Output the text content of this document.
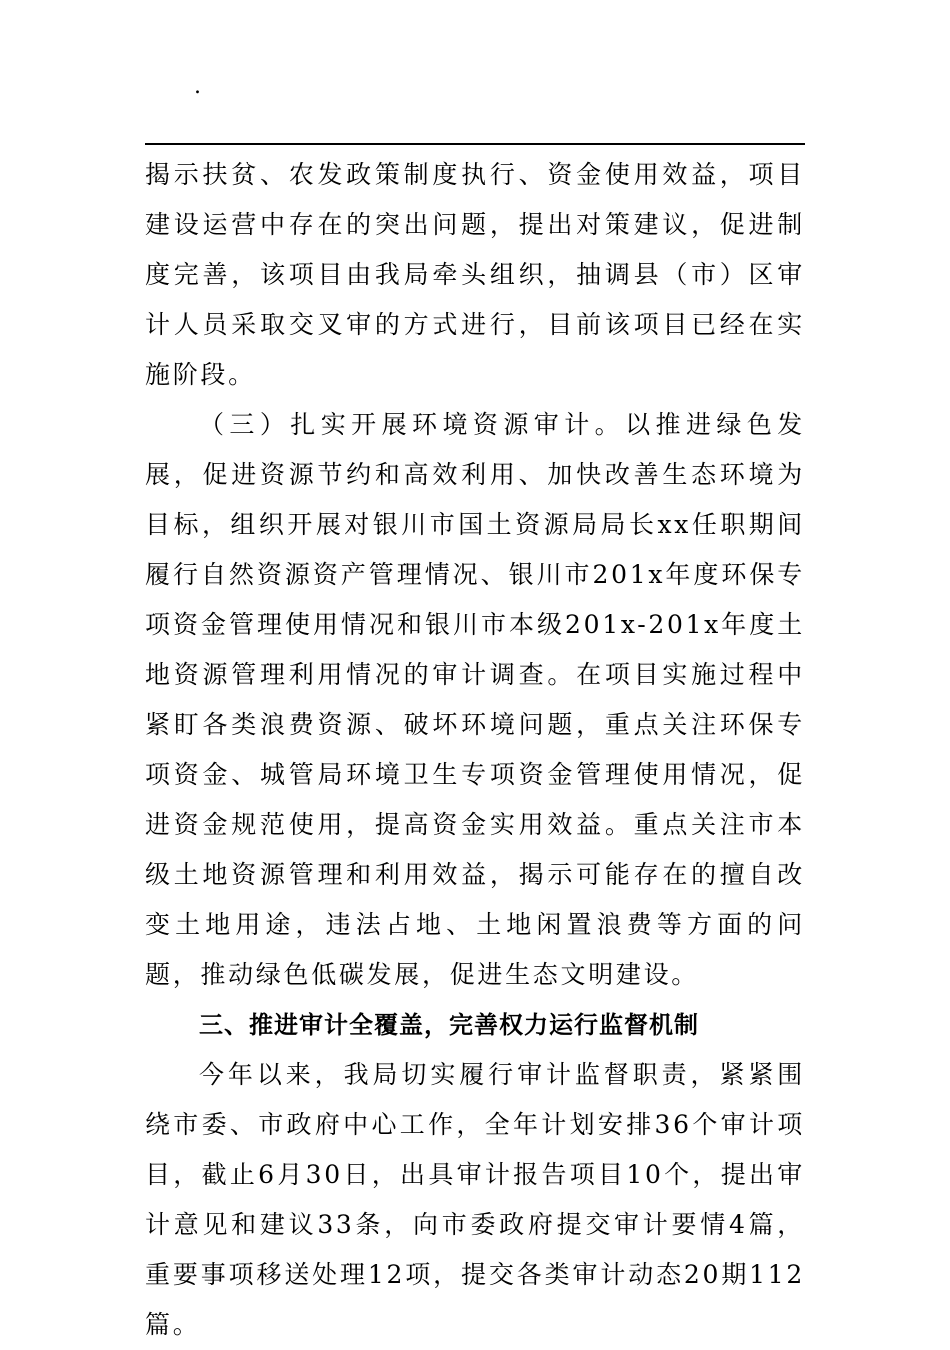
.

揭示扶贫、农发政策制度执行、资金使用效益，项目建设运营中存在的突出问题，提出对策建议，促进制度完善，该项目由我局牵头组织，抽调县（市）区审计人员采取交叉审的方式进行，目前该项目已经在实施阶段。

（三）扎实开展环境资源审计。以推进绿色发展，促进资源节约和高效利用、加快改善生态环境为目标，组织开展对银川市国土资源局局长xx任职期间履行自然资源资产管理情况、银川市201x年度环保专项资金管理使用情况和银川市本级201x-201x年度土地资源管理利用情况的审计调查。在项目实施过程中紧盯各类浪费资源、破坏环境问题，重点关注环保专项资金、城管局环境卫生专项资金管理使用情况，促进资金规范使用，提高资金实用效益。重点关注市本级土地资源管理和利用效益，揭示可能存在的擅自改变土地用途，违法占地、土地闲置浪费等方面的问题，推动绿色低碳发展，促进生态文明建设。

三、推进审计全覆盖，完善权力运行监督机制

今年以来，我局切实履行审计监督职责，紧紧围绕市委、市政府中心工作，全年计划安排36个审计项目，截止6月30日，出具审计报告项目10个，提出审计意见和建议33条，向市委政府提交审计要情4篇，重要事项移送处理12项，提交各类审计动态20期112篇。
